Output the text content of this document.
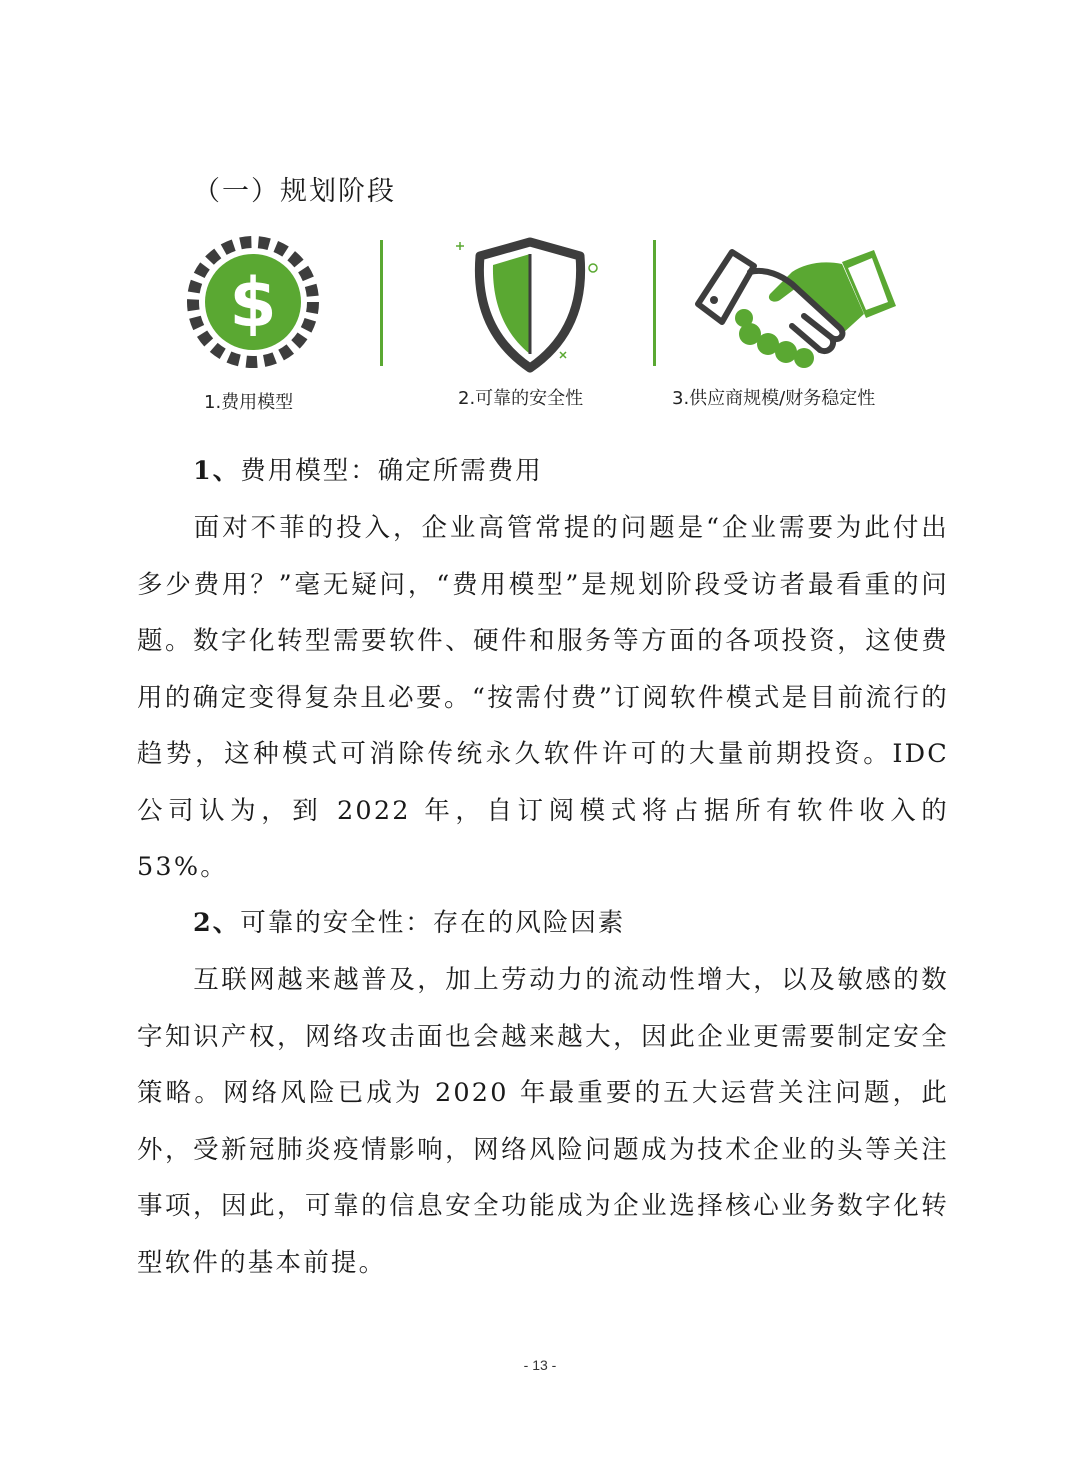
（一）规划阶段
$
1.费用模型	2.可靠的安全性	3.供应商规模/财务稳定性
1、费用模型：确定所需费用

面对不菲的投入，企业高管常提的问题是“企业需要为此付出多少费用？”毫无疑问，“费用模型”是规划阶段受访者最看重的问题。数字化转型需要软件、硬件和服务等方面的各项投资，这使费用的确定变得复杂且必要。“按需付费”订阅软件模式是目前流行的趋势，这种模式可消除传统永久软件许可的大量前期投资。IDC 公司认为，到 2022 年，自订阅模式将占据所有软件收入的 53%。

2、可靠的安全性：存在的风险因素

互联网越来越普及，加上劳动力的流动性增大，以及敏感的数字知识产权，网络攻击面也会越来越大，因此企业更需要制定安全策略。网络风险已成为 2020 年最重要的五大运营关注问题，此外，受新冠肺炎疫情影响，网络风险问题成为技术企业的头等关注事项，因此，可靠的信息安全功能成为企业选择核心业务数字化转型软件的基本前提。

- 13 -
